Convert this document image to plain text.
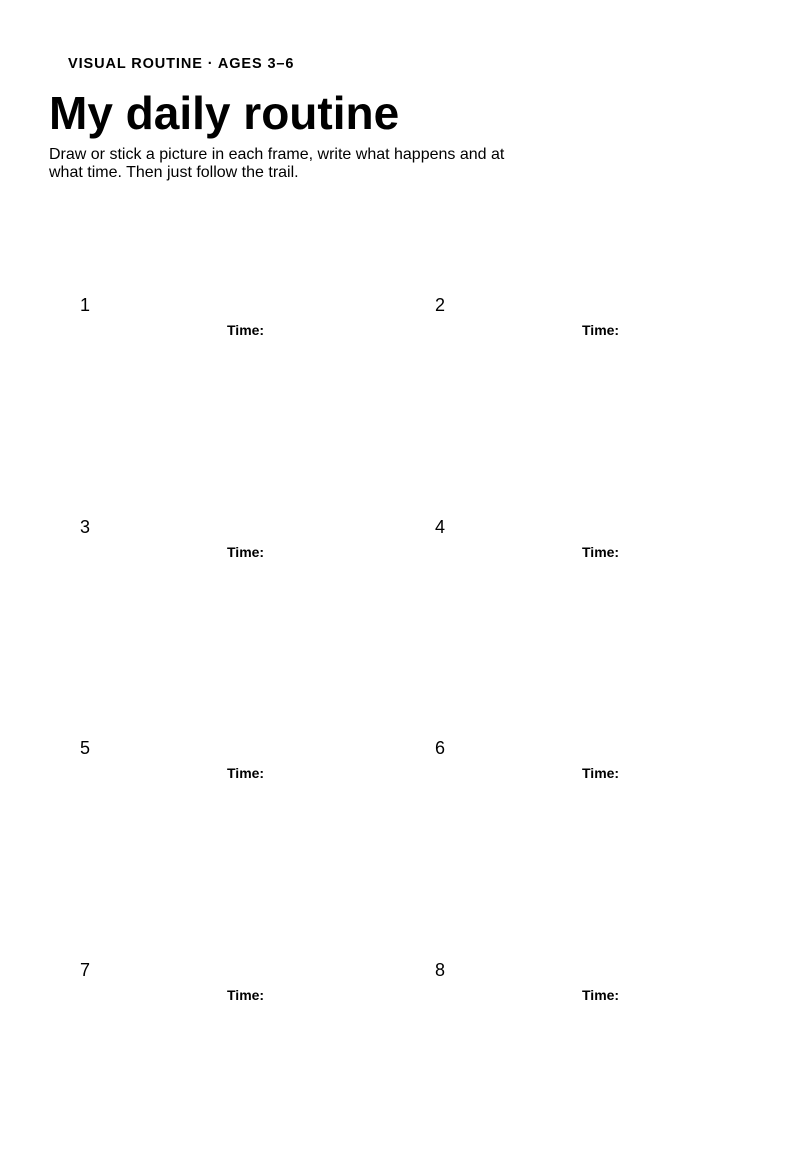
VISUAL ROUTINE · AGES 3–6
My daily routine

Draw or stick a picture in each frame, write what happens and at what time. Then just follow the trail.

1
Time:
2
Time:
3
Time:
4
Time:
5
Time:
6
Time:
7
Time:
8
Time:
